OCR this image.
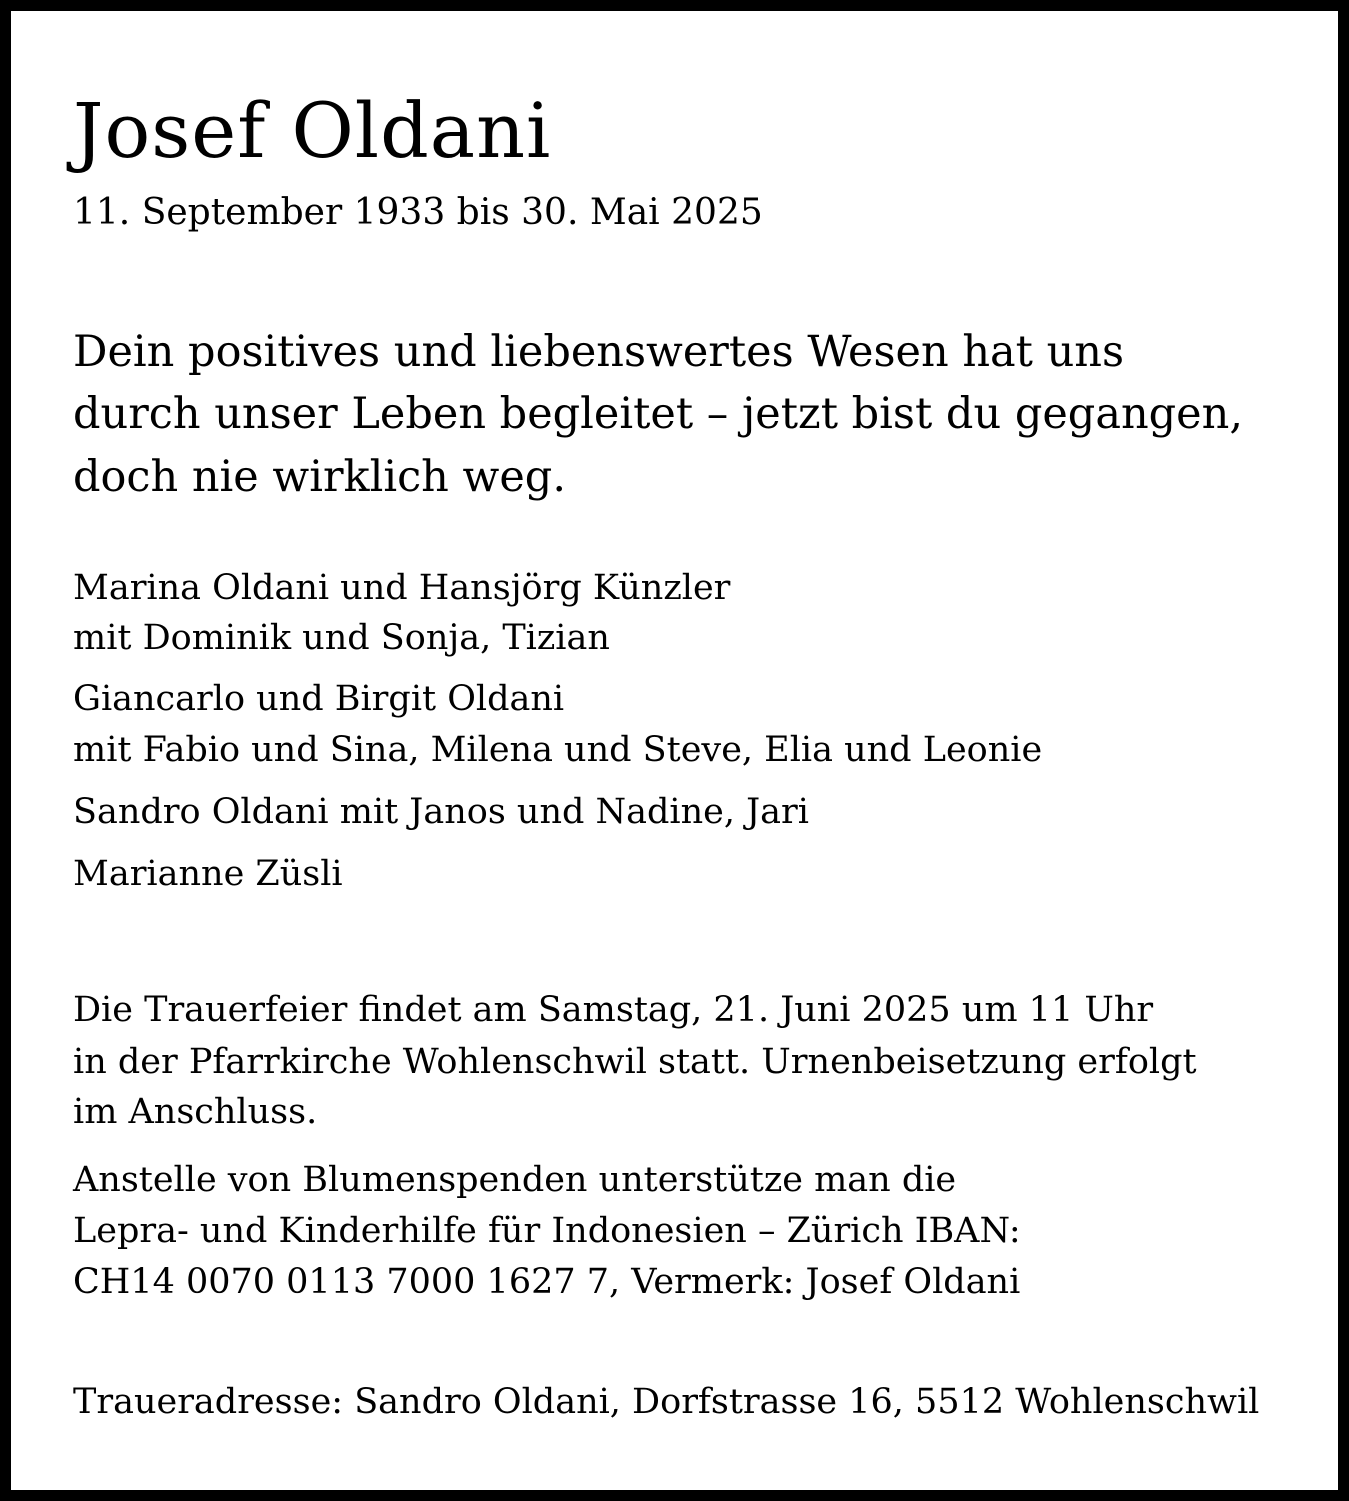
Josef Oldani
11. September 1933 bis 30. Mai 2025
Dein positives und liebenswertes Wesen hat uns
durch unser Leben begleitet – jetzt bist du gegangen,
doch nie wirklich weg.
Marina Oldani und Hansjörg Künzler
mit Dominik und Sonja, Tizian
Giancarlo und Birgit Oldani
mit Fabio und Sina, Milena und Steve, Elia und Leonie
Sandro Oldani mit Janos und Nadine, Jari
Marianne Züsli
Die Trauerfeier findet am Samstag, 21. Juni 2025 um 11 Uhr
in der Pfarrkirche Wohlenschwil statt. Urnenbeisetzung erfolgt
im Anschluss.
Anstelle von Blumenspenden unterstütze man die
Lepra- und Kinderhilfe für Indonesien – Zürich IBAN:
CH14 0070 0113 7000 1627 7, Vermerk: Josef Oldani
Traueradresse: Sandro Oldani, Dorfstrasse 16, 5512 Wohlenschwil
